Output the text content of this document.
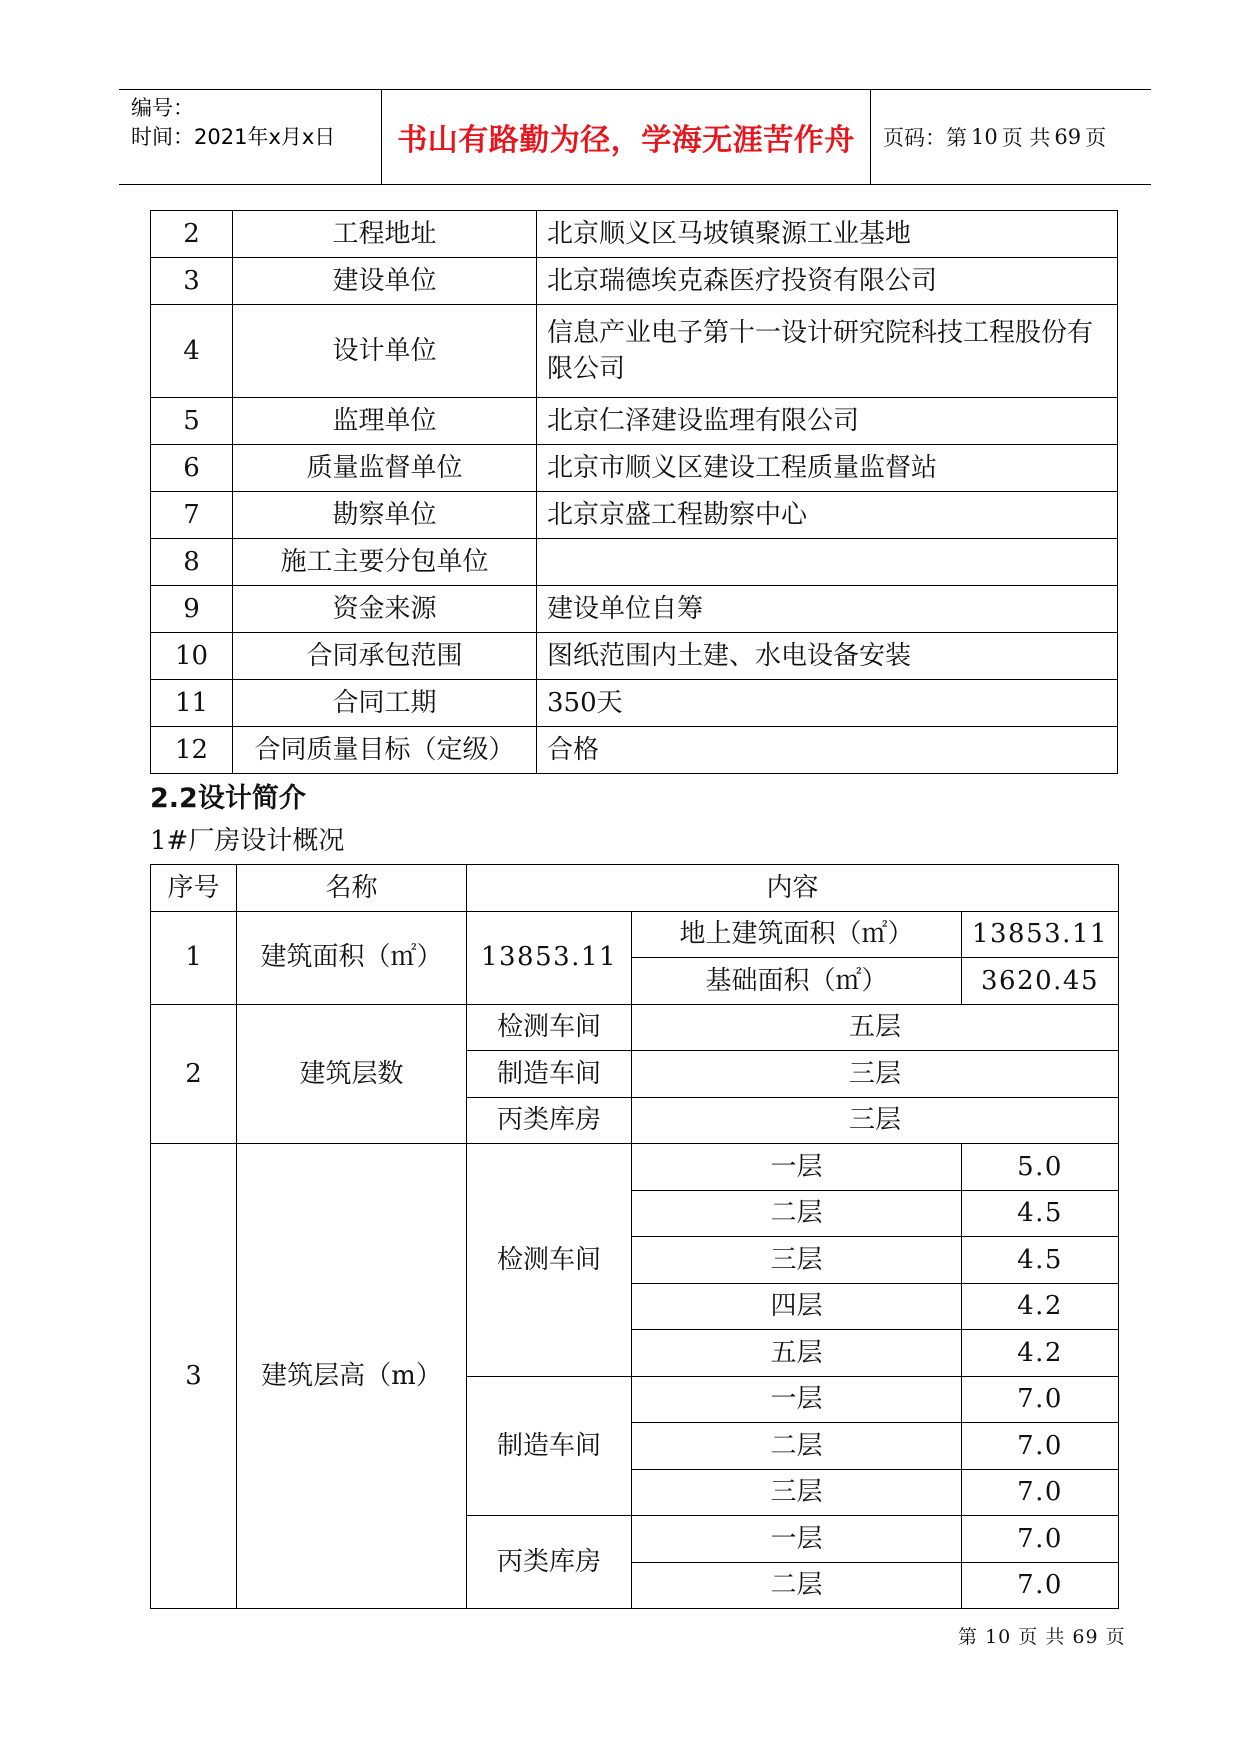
编号：
时间：2021年x月x日 书山有路勤为径，学海无涯苦作舟 页码：第 10 页 共 69 页
2	工程地址	北京顺义区马坡镇聚源工业基地
3	建设单位	北京瑞德埃克森医疗投资有限公司
4	设计单位	信息产业电子第十一设计研究院科技工程股份有限公司
5	监理单位	北京仁泽建设监理有限公司
6	质量监督单位	北京市顺义区建设工程质量监督站
7	勘察单位	北京京盛工程勘察中心
8	施工主要分包单位	
9	资金来源	建设单位自筹
10	合同承包范围	图纸范围内土建、水电设备安装
11	合同工期	350天
12	合同质量目标（定级）	合格
2.2设计简介
1#厂房设计概况
序号	名称	内容		
1	建筑面积（㎡）	13853.11	地上建筑面积（㎡）	13853.11
			基础面积（㎡）	3620.45
2	建筑层数	检测车间	五层	
		制造车间	三层	
		丙类库房	三层	
3	建筑层高（m）	检测车间	一层	5.0
			二层	4.5
			三层	4.5
			四层	4.2
			五层	4.2
		制造车间	一层	7.0
			二层	7.0
			三层	7.0
		丙类库房	一层	7.0
			二层	7.0
第 10 页 共 69 页
